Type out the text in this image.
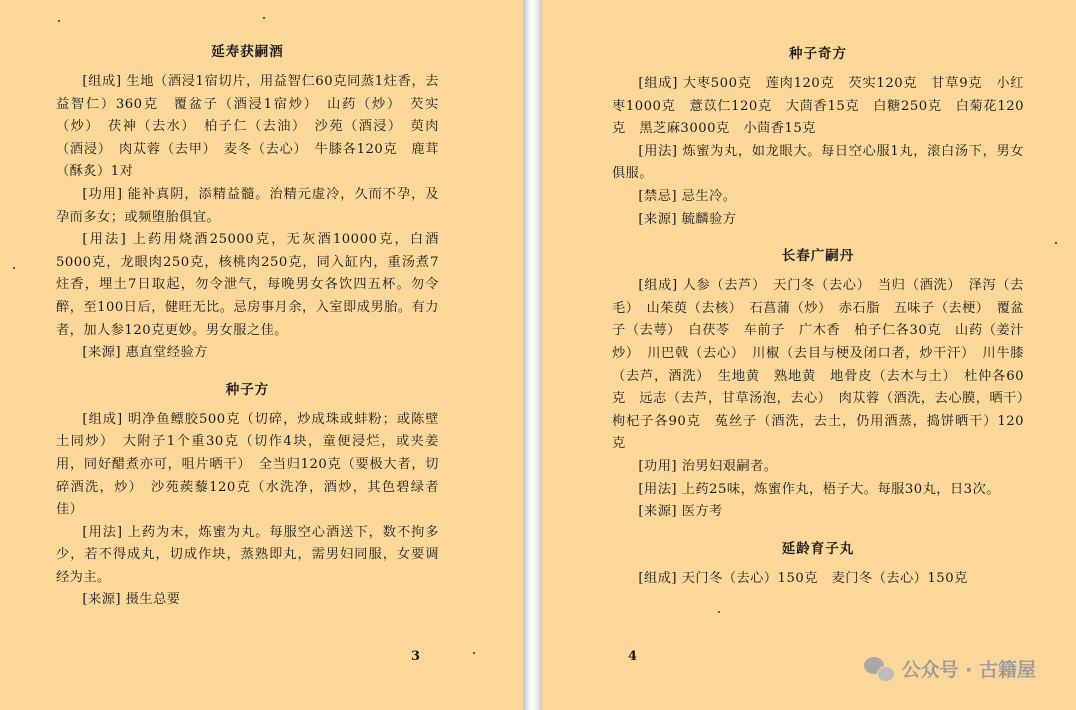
延寿获嗣酒

[组成] 生地（酒浸1宿切片，用益智仁60克同蒸1炷香，去益智仁）360克　覆盆子（酒浸1宿炒）　山药（炒）　芡实（炒）　茯神（去水）　柏子仁（去油）　沙苑（酒浸）　萸肉（酒浸）　肉苁蓉（去甲）　麦冬（去心）　牛膝各120克　鹿茸（酥炙）1对

[功用] 能补真阴，添精益髓。治精元虚冷，久而不孕，及孕而多女；或频堕胎俱宜。

[用法] 上药用烧酒25000克，无灰酒10000克，白酒5000克，龙眼肉250克，核桃肉250克，同入缸内，重汤煮7炷香，埋土7日取起，勿令泄气，每晚男女各饮四五杯。勿令醉，至100日后，健旺无比。忌房事月余，入室即成男胎。有力者，加人参120克更妙。男女服之佳。

[来源] 惠直堂经验方

种子方

[组成] 明净鱼鳔胶500克（切碎，炒成珠或蚌粉；或陈壁土同炒）　大附子1个重30克（切作4块，童便浸烂，或夹姜用，同好醋煮亦可，咀片晒干）　全当归120克（要极大者，切碎酒洗，炒）　沙苑蒺藜120克（水洗净，酒炒，其色碧绿者佳）

[用法] 上药为末，炼蜜为丸。每服空心酒送下，数不拘多少，若不得成丸，切成作块，蒸熟即丸，需男妇同服，女要调经为主。

[来源] 摄生总要

3
种子奇方

[组成] 大枣500克　莲肉120克　芡实120克　甘草9克　小红枣1000克　薏苡仁120克　大茴香15克　白糖250克　白菊花120克　黑芝麻3000克　小茴香15克

[用法] 炼蜜为丸，如龙眼大。每日空心服1丸，滚白汤下，男女俱服。

[禁忌] 忌生冷。

[来源] 毓麟验方

长春广嗣丹

[组成] 人参（去芦）　天门冬（去心）　当归（酒洗）　泽泻（去毛）　山茱萸（去核）　石菖蒲（炒）　赤石脂　五味子（去梗）　覆盆子（去萼）　白茯苓　车前子　广木香　柏子仁各30克　山药（姜汁炒）　川巴戟（去心）　川椒（去目与梗及闭口者，炒干汗）　川牛膝（去芦，酒洗）　生地黄　熟地黄　地骨皮（去木与土）　杜仲各60克　远志（去芦，甘草汤泡，去心）　肉苁蓉（酒洗，去心膜，晒干）　枸杞子各90克　菟丝子（酒洗，去土，仍用酒蒸，捣饼晒干）120克

[功用] 治男妇艰嗣者。

[用法] 上药25味，炼蜜作丸，梧子大。每服30丸，日3次。

[来源] 医方考

延龄育子丸

[组成] 天门冬（去心）150克　麦门冬（去心）150克

4
公众号 · 古籍屋
